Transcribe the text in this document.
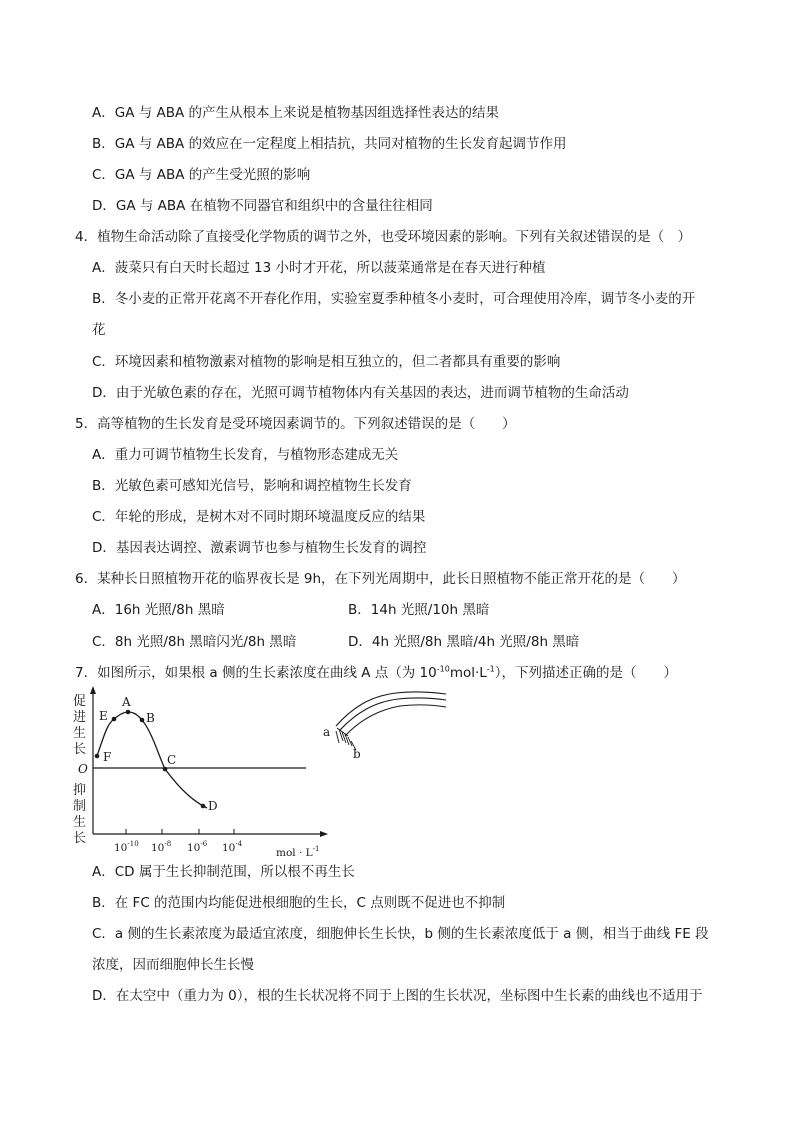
A．GA 与 ABA 的产生从根本上来说是植物基因组选择性表达的结果
B．GA 与 ABA 的效应在一定程度上相拮抗，共同对植物的生长发育起调节作用
C．GA 与 ABA 的产生受光照的影响
D．GA 与 ABA 在植物不同器官和组织中的含量往往相同
4．植物生命活动除了直接受化学物质的调节之外，也受环境因素的影响。下列有关叙述错误的是（　）
A．菠菜只有白天时长超过 13 小时才开花，所以菠菜通常是在春天进行种植
B．冬小麦的正常开花离不开春化作用，实验室夏季种植冬小麦时，可合理使用冷库，调节冬小麦的开
花
C．环境因素和植物激素对植物的影响是相互独立的，但二者都具有重要的影响
D．由于光敏色素的存在，光照可调节植物体内有关基因的表达，进而调节植物的生命活动
5．高等植物的生长发育是受环境因素调节的。下列叙述错误的是（　　）
A．重力可调节植物生长发育，与植物形态建成无关
B．光敏色素可感知光信号，影响和调控植物生长发育
C．年轮的形成，是树木对不同时期环境温度反应的结果
D．基因表达调控、激素调节也参与植物生长发育的调控
6．某种长日照植物开花的临界夜长是 9h，在下列光周期中，此长日照植物不能正常开花的是（　　）
A．16h 光照/8h 黑暗	B．14h 光照/10h 黑暗
C．8h 光照/8h 黑暗闪光/8h 黑暗	D．4h 光照/8h 黑暗/4h 光照/8h 黑暗
7．如图所示，如果根 a 侧的生长素浓度在曲线 A 点（为 $10^{-10}mol\cdot L^{-1}$），下列描述正确的是（　　）
A
B
C
D
E
F
促
进
生
长
O
抑
制
生
长
$10^{-10}$ $10^{-8}$ $10^{-6}$ $10^{-4}$
mol · $L^{-1}$
a
b
A．CD 属于生长抑制范围，所以根不再生长
B．在 FC 的范围内均能促进根细胞的生长，C 点则既不促进也不抑制
C．a 侧的生长素浓度为最适宜浓度，细胞伸长生长快，b 侧的生长素浓度低于 a 侧，相当于曲线 FE 段
浓度，因而细胞伸长生长慢
D．在太空中（重力为 0），根的生长状况将不同于上图的生长状况，坐标图中生长素的曲线也不适用于
